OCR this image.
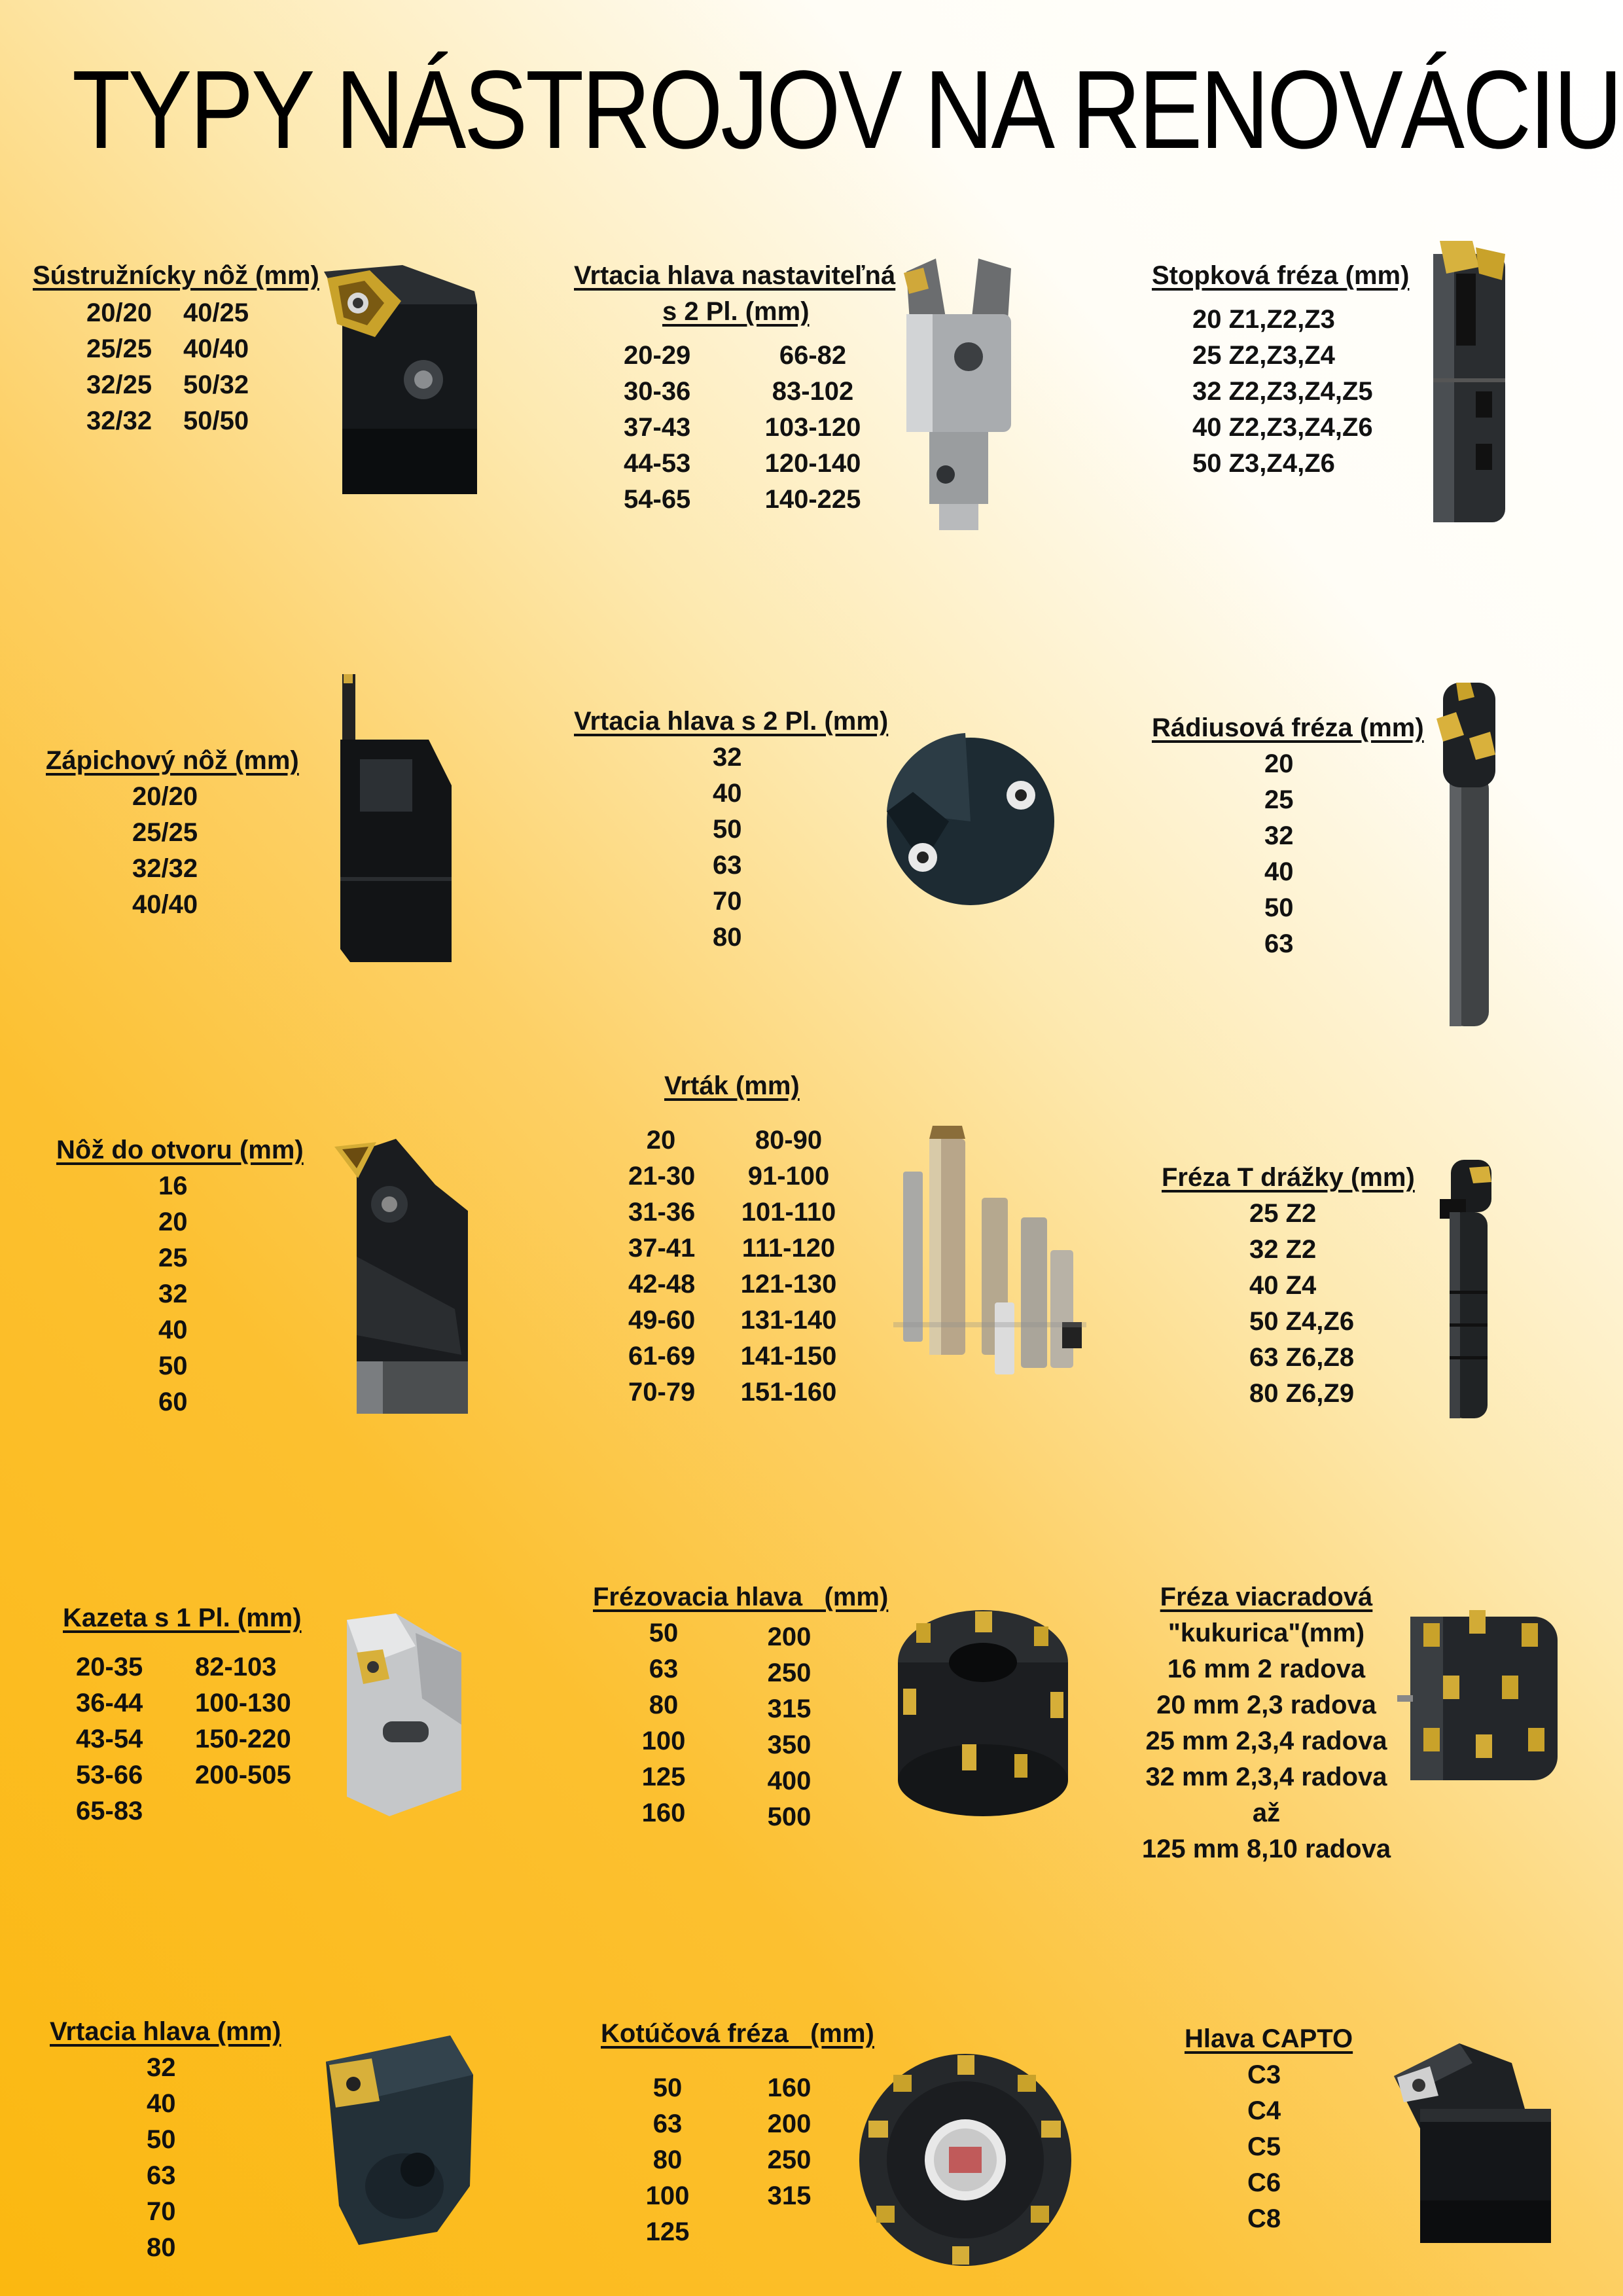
TYPY NÁSTROJOV NA RENOVÁCIU
Sústružnícky nôž (mm)
20/20
25/25
32/25
32/32
40/25
40/40
50/32
50/50
Vrtacia hlava nastaviteľná
s 2 Pl. (mm)
20-29
30-36
37-43
44-53
54-65
66-82
83-102
103-120
120-140
140-225
Stopková fréza (mm)
20 Z1,Z2,Z3
25 Z2,Z3,Z4
32 Z2,Z3,Z4,Z5
40 Z2,Z3,Z4,Z6
50 Z3,Z4,Z6
Zápichový nôž (mm)
20/20
25/25
32/32
40/40
Vrtacia hlava s 2 Pl. (mm)
32
40
50
63
70
80
Rádiusová fréza (mm)
20
25
32
40
50
63
Nôž do otvoru (mm)
16
20
25
32
40
50
60
Vrták (mm)
20
21-30
31-36
37-41
42-48
49-60
61-69
70-79
80-90
91-100
101-110
111-120
121-130
131-140
141-150
151-160
Fréza T drážky (mm)
25 Z2
32 Z2
40 Z4
50 Z4,Z6
63 Z6,Z8
80 Z6,Z9
Kazeta s 1 Pl. (mm)
20-35
36-44
43-54
53-66
65-83
82-103
100-130
150-220
200-505
Frézovacia hlava   (mm)
50
63
80
100
125
160
200
250
315
350
400
500
Fréza viacradová
"kukurica"(mm)
16 mm 2 radova
20 mm 2,3 radova
25 mm 2,3,4 radova
32 mm 2,3,4 radova
až
125 mm 8,10 radova
Vrtacia hlava (mm)
32
40
50
63
70
80
Kotúčová fréza   (mm)
50
63
80
100
125
160
200
250
315
Hlava CAPTO
C3
C4
C5
C6
C8
